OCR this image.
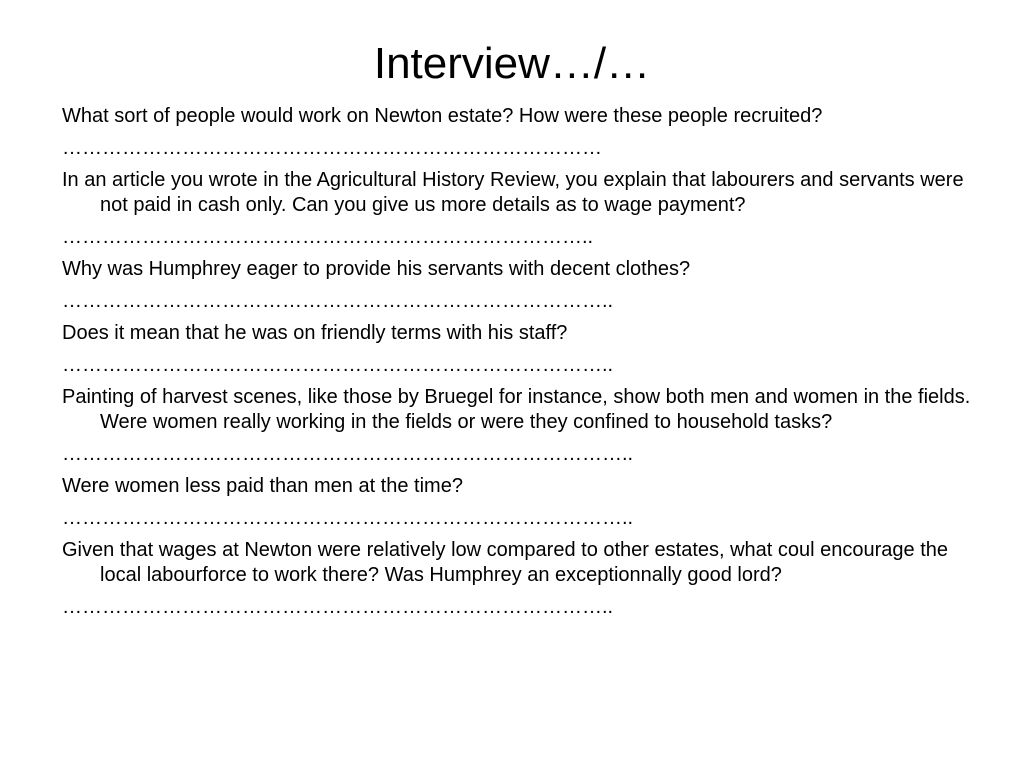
Interview…/…

What sort of people would work on Newton estate? How were these people recruited?

………………………………………………………………………

In an article you wrote in the Agricultural History Review, you explain that labourers and servants were not paid in cash only. Can you give us more details as to wage payment?

……………………………………………………………………..

Why was Humphrey eager to provide his servants with decent clothes?

………………………………………………………………………..

Does it mean that he was on friendly terms with his staff?

………………………………………………………………………..

Painting of harvest scenes, like those by Bruegel for instance, show both men and women in the fields. Were women really working in the fields or were they confined to household tasks?

…………………………………………………………………………..

Were women less paid than men at the time?

…………………………………………………………………………..

Given that wages at Newton were relatively low compared to other estates, what coul encourage the local labourforce to work there? Was Humphrey an exceptionnally good lord?

………………………………………………………………………..
